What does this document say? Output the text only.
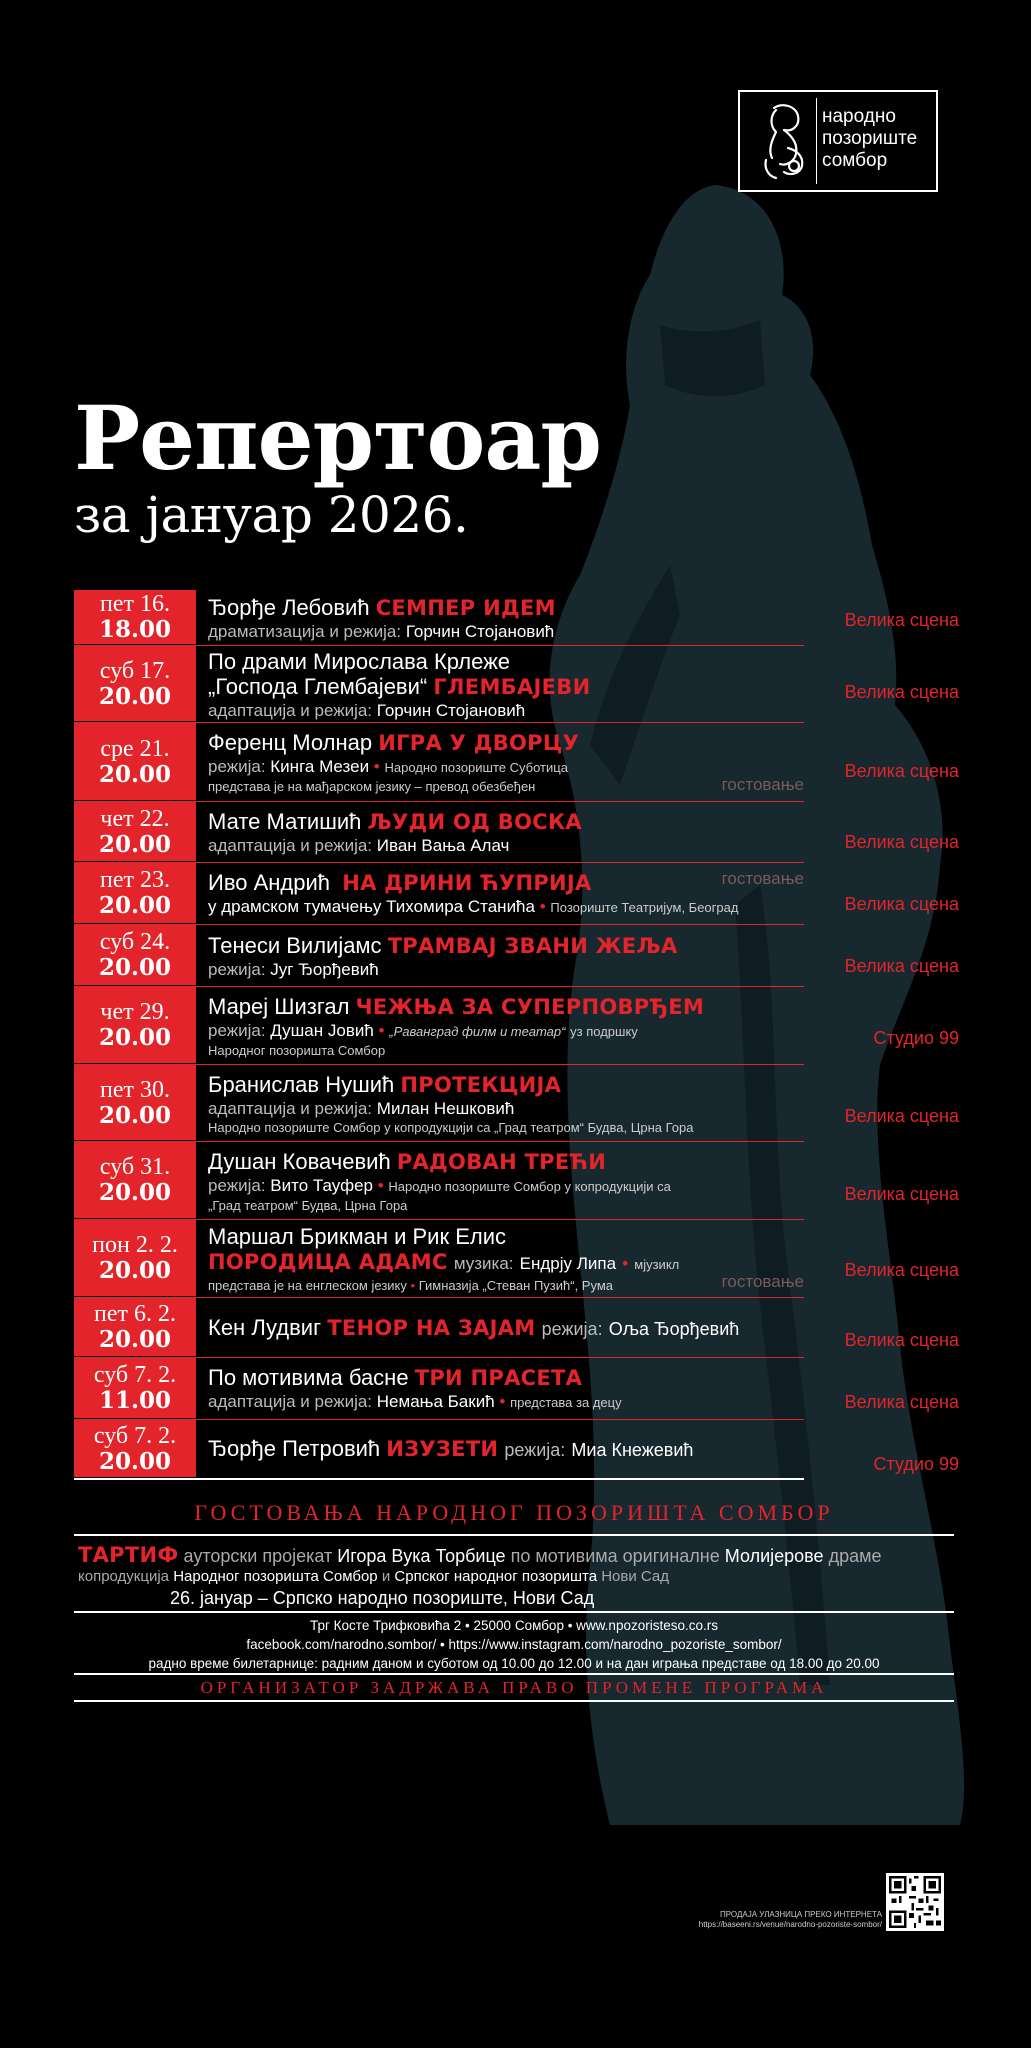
народно
позориште
сомбор
Репертоар
за јануар 2026.
пет 16.
18.00
Ђорђе Лебовић СЕМПЕР ИДЕМ
драматизација и режија: Горчин Стојановић
суб 17.
20.00
По драми Мирослава Крлеже
„Господа Глембајеви“ ГЛЕМБАЈЕВИ
адаптација и режија: Горчин Стојановић
сре 21.
20.00
Ференц Молнар ИГРА У ДВОРЦУ
режија: Кинга Мезеи • Народно позориште Суботица
представа је на мађарском језику – превод обезбеђен	гостовање
чет 22.
20.00
Мате Матишић ЉУДИ ОД ВОСКА
адаптација и режија: Иван Вања Алач
пет 23.
20.00
Иво Андрић НА ДРИНИ ЋУПРИЈА
у драмском тумачењу Тихомира Станића • Позориште Театријум, Београд
гостовање
суб 24.
20.00
Тенеси Вилијамс ТРАМВАЈ ЗВАНИ ЖЕЉА
режија: Југ Ђорђевић
чет 29.
20.00
Мареј Шизгал ЧЕЖЊА ЗА СУПЕРПОВРЂЕМ
режија: Душан Јовић • „Раванград филм и театар“ уз подршку
Народног позоришта Сомбор
пет 30.
20.00
Бранислав Нушић ПРОТЕКЦИЈА
адаптација и режија: Милан Нешковић
Народно позориште Сомбор у копродукцији са „Град театром“ Будва, Црна Гора
суб 31.
20.00
Душан Ковачевић РАДОВАН ТРЕЋИ
режија: Вито Тауфер • Народно позориште Сомбор у копродукцији са
„Град театром“ Будва, Црна Гора
пон 2. 2.
20.00
Маршал Брикман и Рик Елис
ПОРОДИЦА АДАМС музика: Ендрју Липа • мјузикл
представа је на енглеском језику • Гимназија „Стеван Пузић“, Рума	гостовање
пет 6. 2.
20.00 Кен Лудвиг ТЕНОР НА ЗАЈАМ режија: Оља Ђорђевић
суб 7. 2.
11.00
По мотивима басне ТРИ ПРАСЕТА
адаптација и режија: Немања Бакић • представа за децу
суб 7. 2.
20.00 Ђорђе Петровић ИЗУЗЕТИ режија: Миа Кнежевић
Велика сцена
Велика сцена
Велика сцена
Велика сцена
Велика сцена
Велика сцена
Студио 99
Велика сцена
Велика сцена
Велика сцена
Велика сцена
Велика сцена
Студио 99
ГОСТОВАЊА НАРОДНОГ ПОЗОРИШТА СОМБОР
ТАРТИФ ауторски пројекат Игора Вука Торбице по мотивима оригиналне Молијерове драме
копродукција Народног позоришта Сомбор и Српског народног позоришта Нови Сад
26. јануар – Српско народно позориште, Нови Сад
Трг Косте Трифковића 2 • 25000 Сомбор • www.npozoristeso.co.rs
facebook.com/narodno.sombor/ • https://www.instagram.com/narodno_pozoriste_sombor/
радно време билетарнице: радним даном и суботом од 10.00 до 12.00 и на дан играња представе од 18.00 до 20.00
ОРГАНИЗАТОР ЗАДРЖАВА ПРАВО ПРОМЕНЕ ПРОГРАМА
ПРОДАЈА УЛАЗНИЦА ПРЕКО ИНТЕРНЕТА
https://baseeni.rs/venue/narodno-pozoriste-sombor/
